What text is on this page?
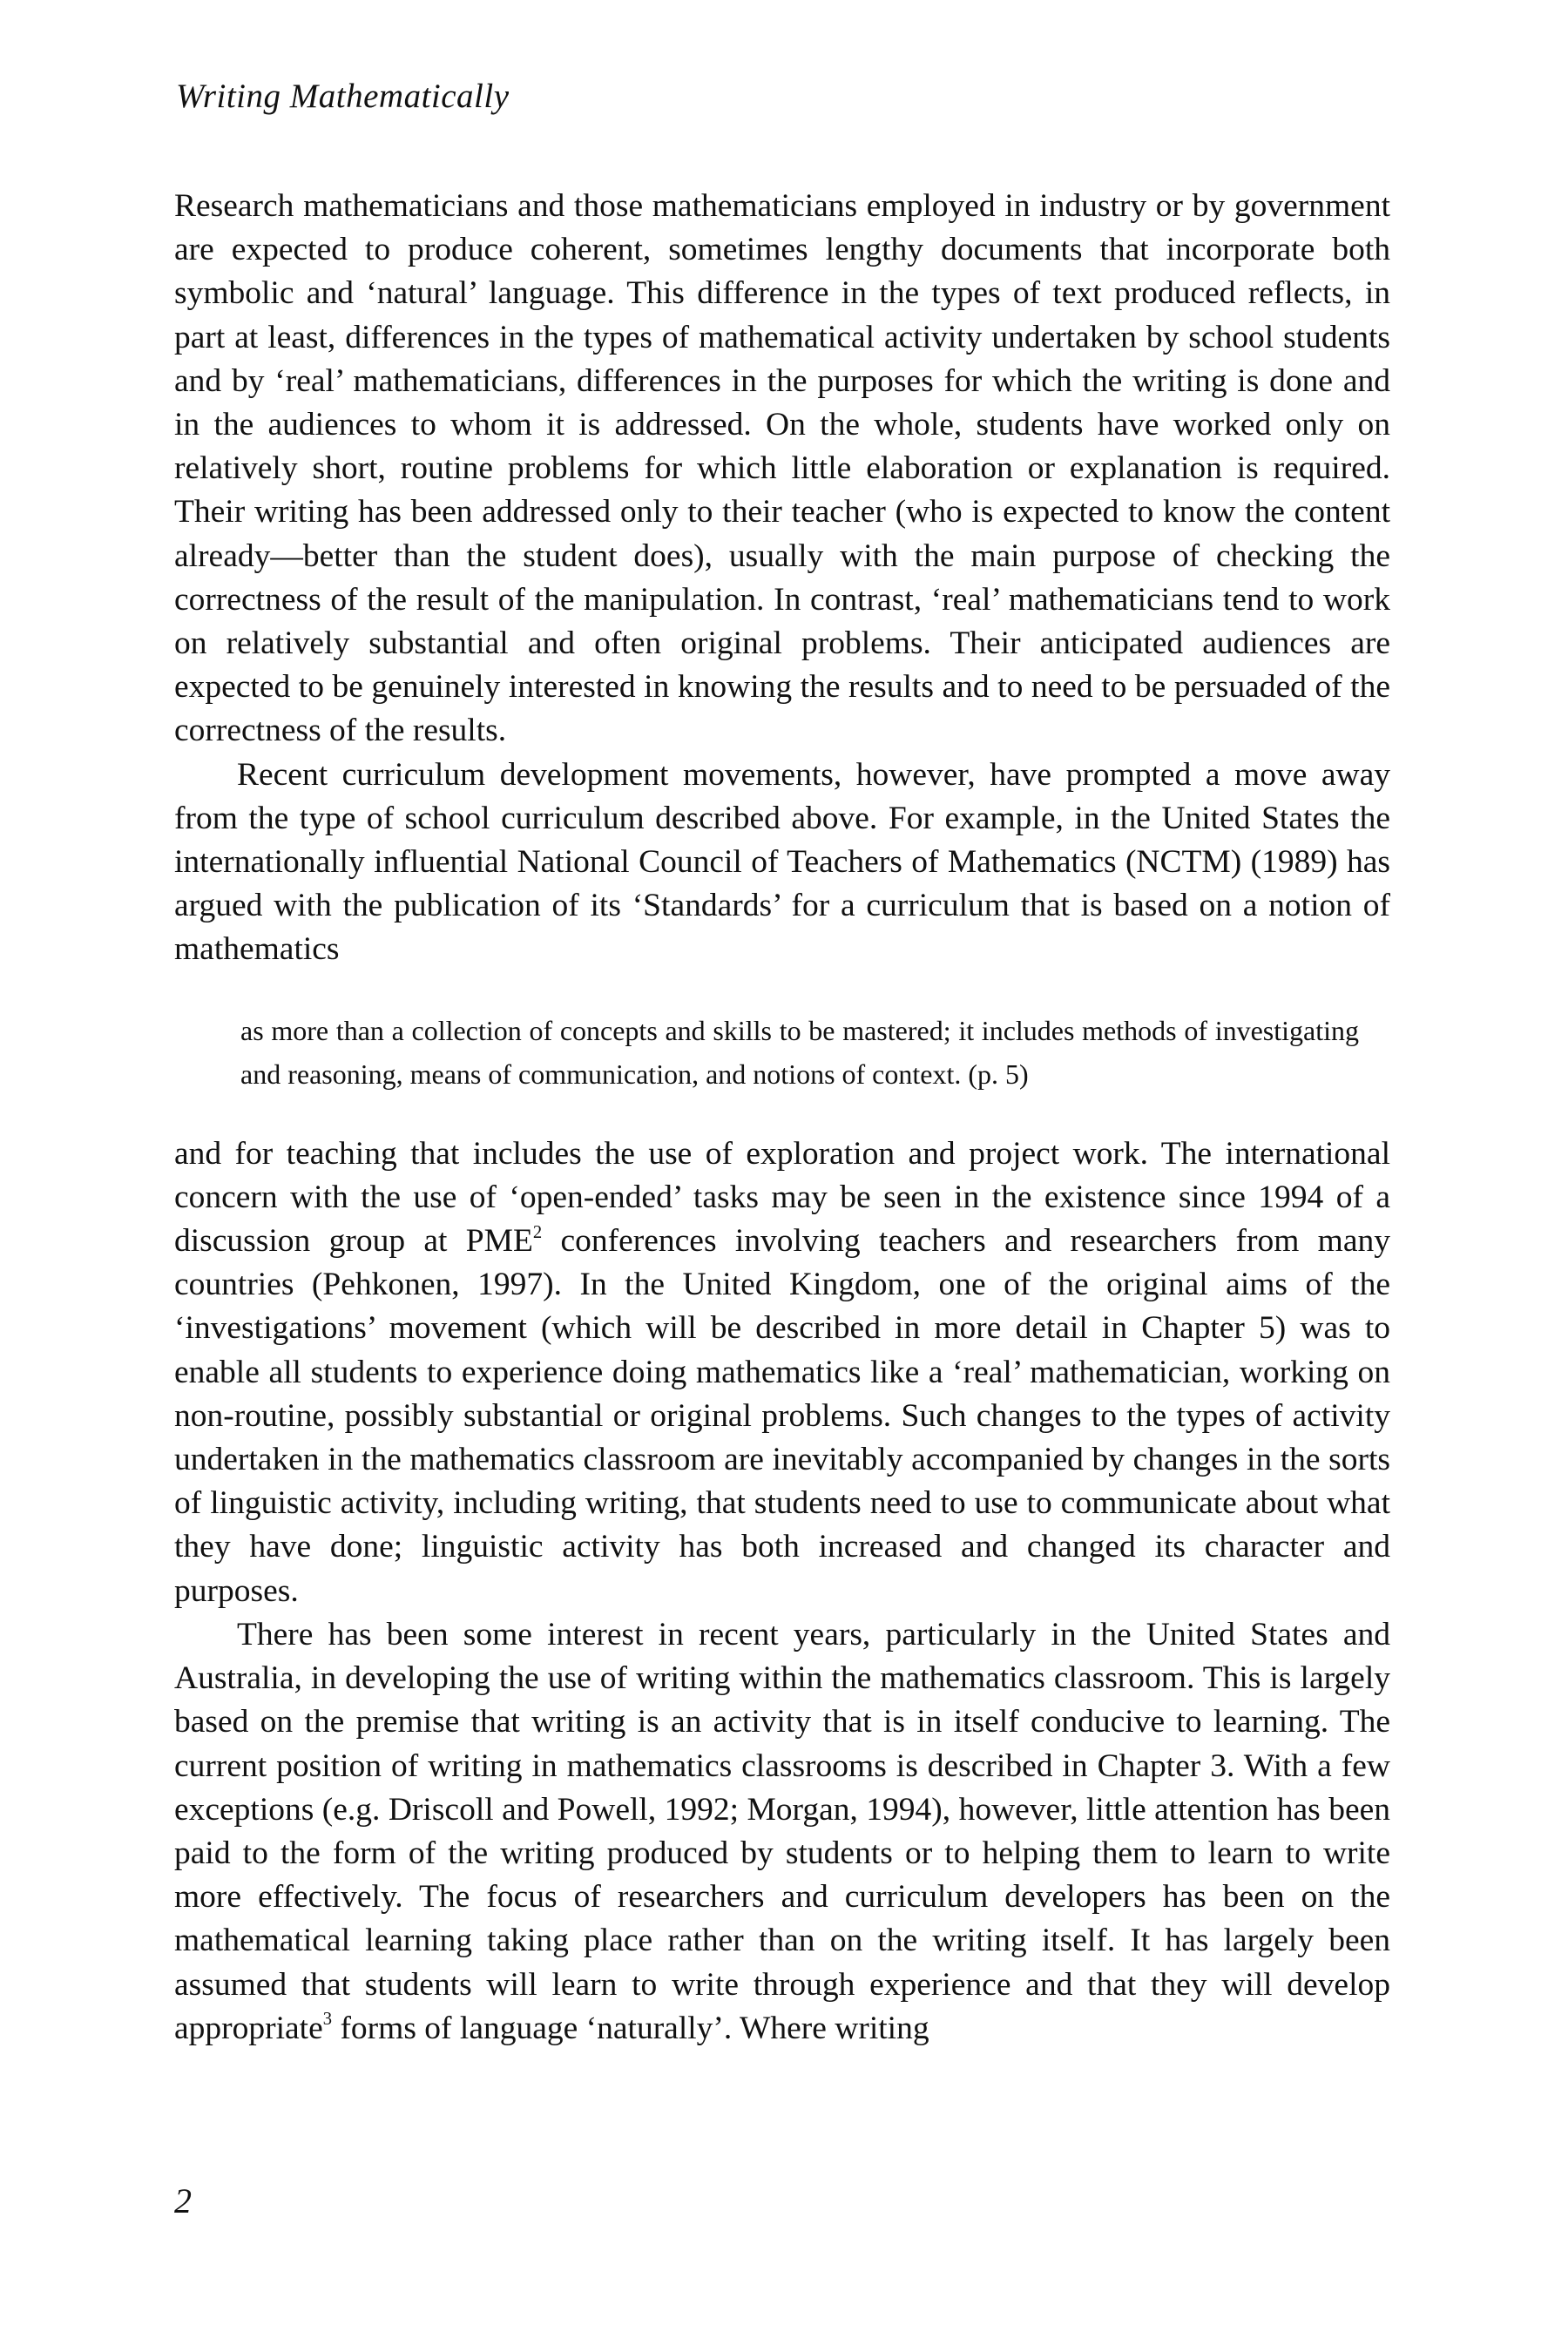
Writing Mathematically

Research mathematicians and those mathematicians employed in industry or by government are expected to produce coherent, sometimes lengthy documents that incorporate both symbolic and ‘natural’ language. This difference in the types of text produced reflects, in part at least, differences in the types of mathematical activity undertaken by school students and by ‘real’ mathematicians, differences in the purposes for which the writing is done and in the audiences to whom it is addressed. On the whole, students have worked only on relatively short, routine problems for which little elaboration or explanation is required. Their writing has been addressed only to their teacher (who is expected to know the content already—better than the student does), usually with the main purpose of checking the correctness of the result of the manipulation. In contrast, ‘real’ mathematicians tend to work on relatively substantial and often original problems. Their anticipated audiences are expected to be genuinely interested in knowing the results and to need to be persuaded of the correctness of the results.

Recent curriculum development movements, however, have prompted a move away from the type of school curriculum described above. For example, in the United States the internationally influential National Council of Teachers of Mathematics (NCTM) (1989) has argued with the publication of its ‘Standards’ for a curriculum that is based on a notion of mathematics

as more than a collection of concepts and skills to be mastered; it includes methods of investigating and reasoning, means of communication, and notions of context. (p. 5)

and for teaching that includes the use of exploration and project work. The international concern with the use of ‘open-ended’ tasks may be seen in the existence since 1994 of a discussion group at PME$^2$ conferences involving teachers and researchers from many countries (Pehkonen, 1997). In the United Kingdom, one of the original aims of the ‘investigations’ movement (which will be described in more detail in Chapter 5) was to enable all students to experience doing mathematics like a ‘real’ mathematician, working on non-routine, possibly substantial or original problems. Such changes to the types of activity undertaken in the mathematics classroom are inevitably accompanied by changes in the sorts of linguistic activity, including writing, that students need to use to communicate about what they have done; linguistic activity has both increased and changed its character and purposes.

There has been some interest in recent years, particularly in the United States and Australia, in developing the use of writing within the mathematics classroom. This is largely based on the premise that writing is an activity that is in itself conducive to learning. The current position of writing in mathematics classrooms is described in Chapter 3. With a few exceptions (e.g. Driscoll and Powell, 1992; Morgan, 1994), however, little attention has been paid to the form of the writing produced by students or to helping them to learn to write more effectively. The focus of researchers and curriculum developers has been on the mathematical learning taking place rather than on the writing itself. It has largely been assumed that students will learn to write through experience and that they will develop appropriate$^3$ forms of language ‘naturally’. Where writing

2
